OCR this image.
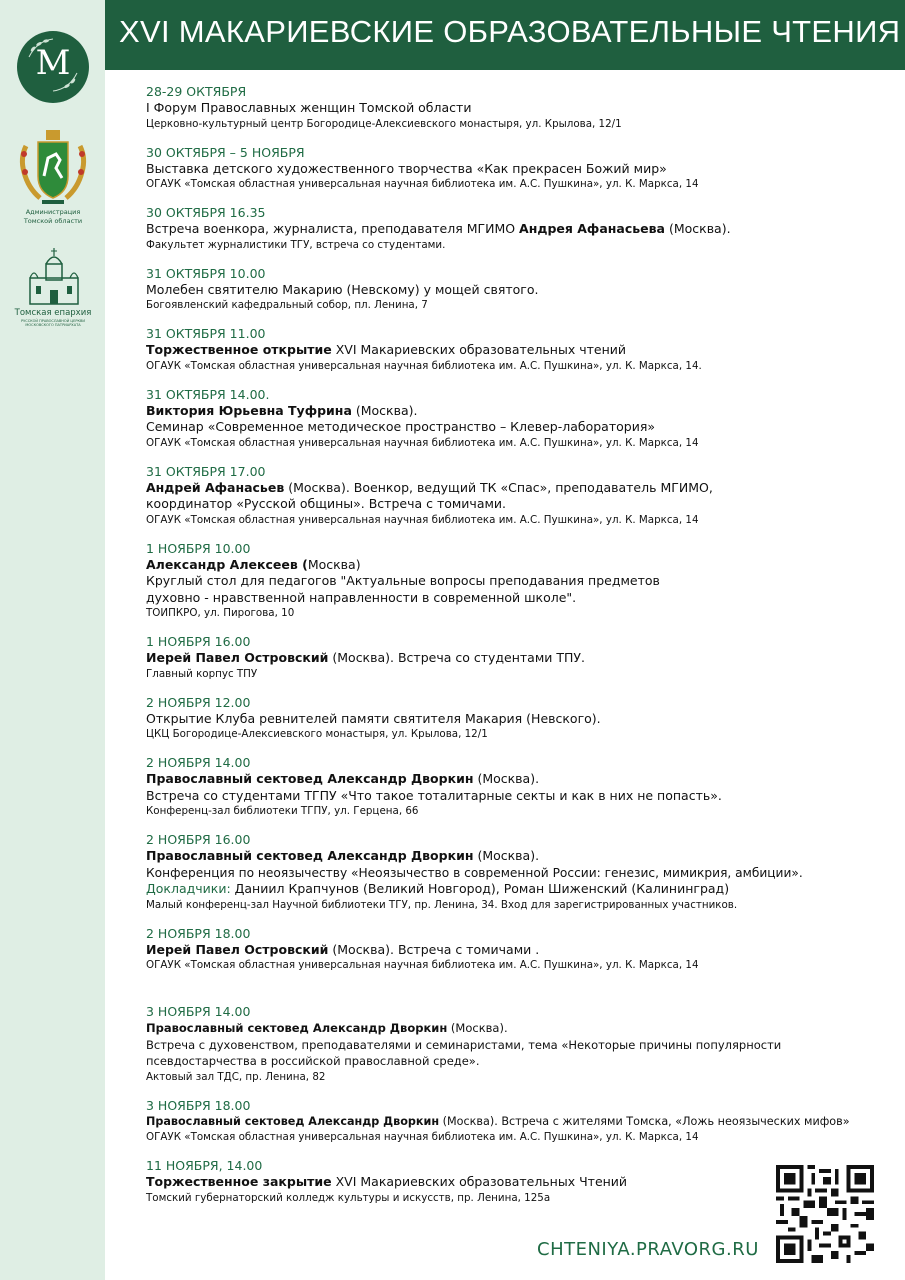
М
Администрация
Томской области
Томская епархия
РУССКОЙ ПРАВОСЛАВНОЙ ЦЕРКВИ
МОСКОВСКОГО ПАТРИАРХАТА
XVI МАКАРИЕВСКИЕ ОБРАЗОВАТЕЛЬНЫЕ ЧТЕНИЯ
28-29 ОКТЯБРЯ
I Форум Православных женщин Томской области
Церковно-культурный центр Богородице-Алексиевского монастыря, ул. Крылова, 12/1
30 ОКТЯБРЯ – 5 НОЯБРЯ
Выставка детского художественного творчества «Как прекрасен Божий мир»
ОГАУК «Томская областная универсальная научная библиотека им. А.С. Пушкина», ул. К. Маркса, 14
30 ОКТЯБРЯ 16.35
Встреча военкора, журналиста, преподавателя МГИМО Андрея Афанасьева (Москва).
Факультет журналистики ТГУ, встреча со студентами.
31 ОКТЯБРЯ 10.00
Молебен святителю Макарию (Невскому) у мощей святого.
Богоявленский кафедральный собор, пл. Ленина, 7
31 ОКТЯБРЯ 11.00
Торжественное открытие XVI Макариевских образовательных чтений
ОГАУК «Томская областная универсальная научная библиотека им. А.С. Пушкина», ул. К. Маркса, 14.
31 ОКТЯБРЯ 14.00.
Виктория Юрьевна Туфрина (Москва).
Семинар «Современное методическое пространство – Клевер-лаборатория»
ОГАУК «Томская областная универсальная научная библиотека им. А.С. Пушкина», ул. К. Маркса, 14
31 ОКТЯБРЯ 17.00
Андрей Афанасьев (Москва). Военкор, ведущий ТК «Спас», преподаватель МГИМО,
координатор «Русской общины». Встреча с томичами.
ОГАУК «Томская областная универсальная научная библиотека им. А.С. Пушкина», ул. К. Маркса, 14
1 НОЯБРЯ 10.00
Александр Алексеев (Москва)
Круглый стол для педагогов "Актуальные вопросы преподавания предметов
духовно - нравственной направленности в современной школе".
ТОИПКРО, ул. Пирогова, 10
1 НОЯБРЯ 16.00
Иерей Павел Островский (Москва). Встреча со студентами ТПУ.
Главный корпус ТПУ
2 НОЯБРЯ 12.00
Открытие Клуба ревнителей памяти святителя Макария (Невского).
ЦКЦ Богородице-Алексиевского монастыря, ул. Крылова, 12/1
2 НОЯБРЯ 14.00
Православный сектовед Александр Дворкин (Москва).
Встреча со студентами ТГПУ «Что такое тоталитарные секты и как в них не попасть».
Конференц-зал библиотеки ТГПУ, ул. Герцена, 66
2 НОЯБРЯ 16.00
Православный сектовед Александр Дворкин (Москва).
Конференция по неоязычеству «Неоязычество в современной России: генезис, мимикрия, амбиции».
Докладчики: Даниил Крапчунов (Великий Новгород), Роман Шиженский (Калининград)
Малый конференц-зал Научной библиотеки ТГУ, пр. Ленина, 34. Вход для зарегистрированных участников.
2 НОЯБРЯ 18.00
Иерей Павел Островский (Москва). Встреча с томичами .
ОГАУК «Томская областная универсальная научная библиотека им. А.С. Пушкина», ул. К. Маркса, 14
3 НОЯБРЯ 14.00
Православный сектовед Александр Дворкин (Москва).
Встреча с духовенством, преподавателями и семинаристами, тема «Некоторые причины популярности
псевдостарчества в российской православной среде».
Актовый зал ТДС, пр. Ленина, 82
3 НОЯБРЯ 18.00
Православный сектовед Александр Дворкин (Москва). Встреча с жителями Томска, «Ложь неоязыческих мифов»
ОГАУК «Томская областная универсальная научная библиотека им. А.С. Пушкина», ул. К. Маркса, 14
11 НОЯБРЯ, 14.00
Торжественное закрытие XVI Макариевских образовательных Чтений
Томский губернаторский колледж культуры и искусств, пр. Ленина, 125а
CHTENIYA.PRAVORG.RU
